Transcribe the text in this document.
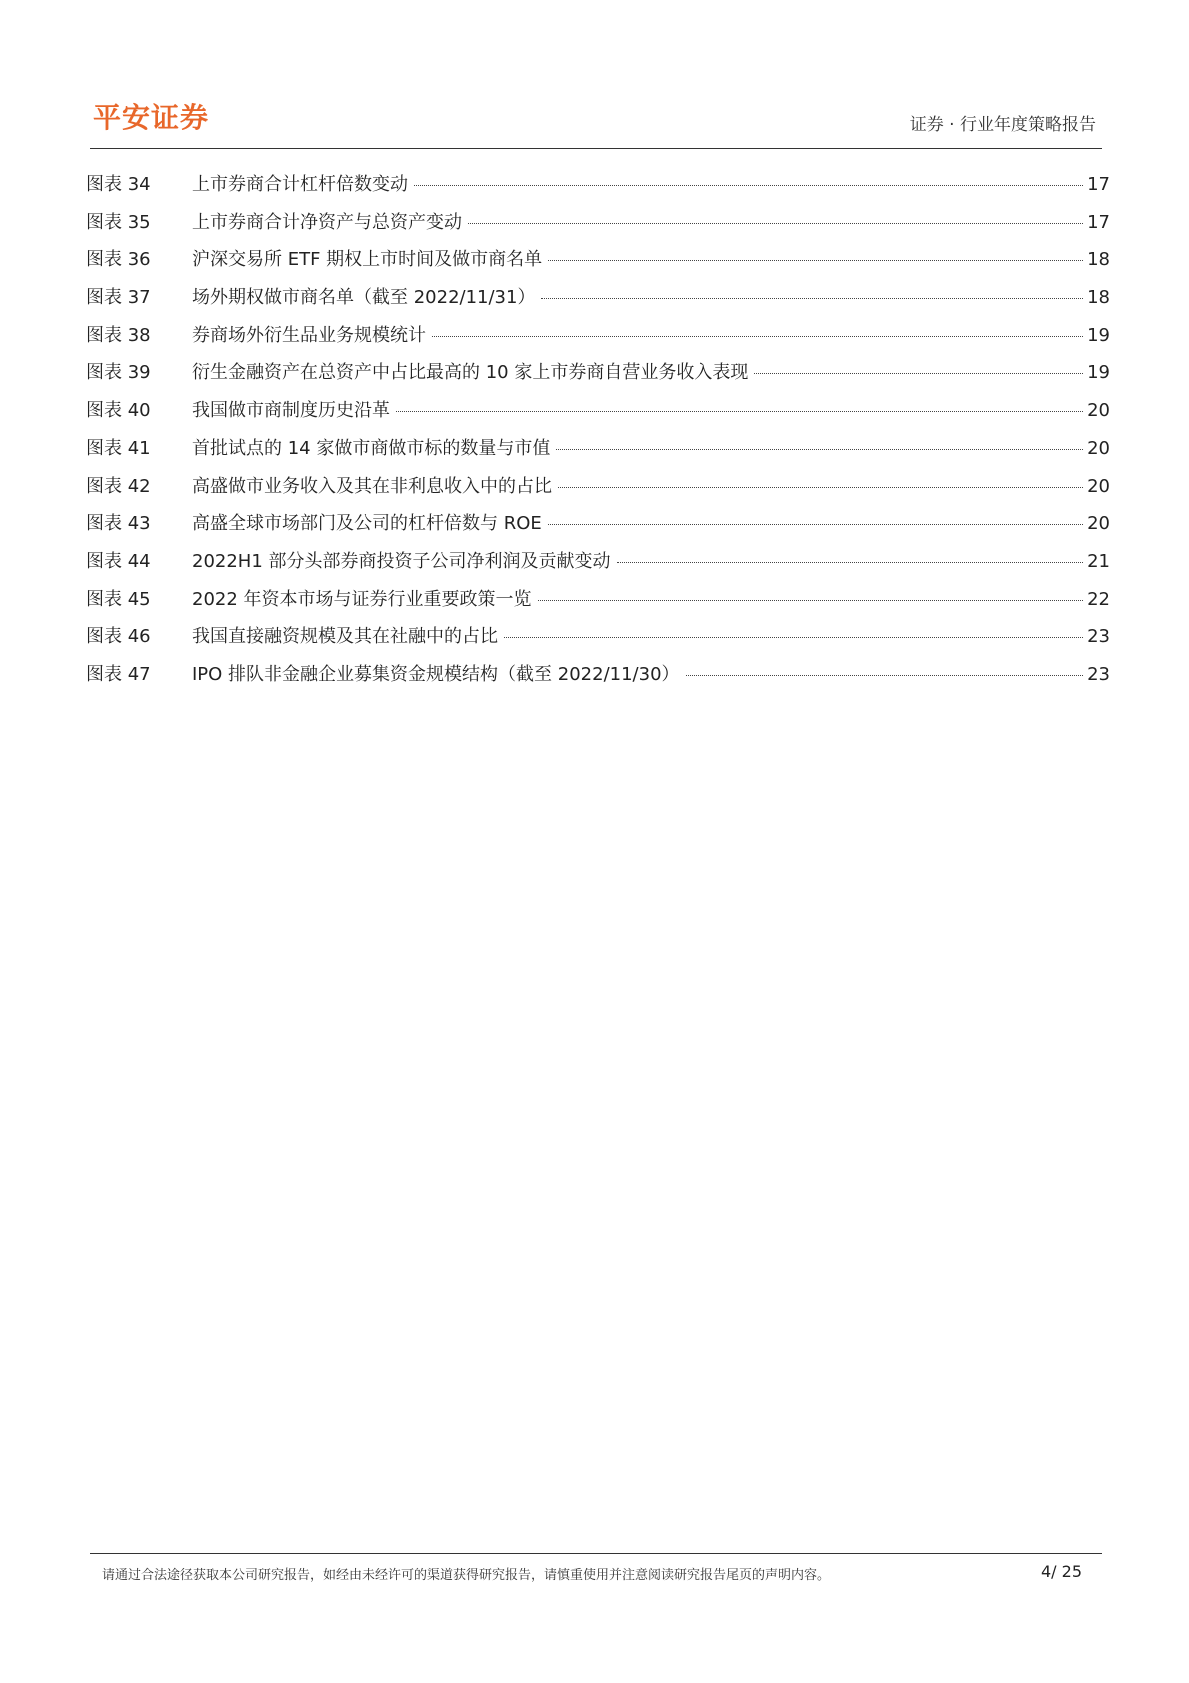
平安证券	证券 · 行业年度策略报告
图表 34	上市券商合计杠杆倍数变动	17
图表 35	上市券商合计净资产与总资产变动	17
图表 36	沪深交易所 ETF 期权上市时间及做市商名单	18
图表 37	场外期权做市商名单（截至 2022/11/31）	18
图表 38	券商场外衍生品业务规模统计	19
图表 39	衍生金融资产在总资产中占比最高的 10 家上市券商自营业务收入表现	19
图表 40	我国做市商制度历史沿革	20
图表 41	首批试点的 14 家做市商做市标的数量与市值	20
图表 42	高盛做市业务收入及其在非利息收入中的占比	20
图表 43	高盛全球市场部门及公司的杠杆倍数与 ROE	20
图表 44	2022H1 部分头部券商投资子公司净利润及贡献变动	21
图表 45	2022 年资本市场与证券行业重要政策一览	22
图表 46	我国直接融资规模及其在社融中的占比	23
图表 47	IPO 排队非金融企业募集资金规模结构（截至 2022/11/30）	23
请通过合法途径获取本公司研究报告，如经由未经许可的渠道获得研究报告，请慎重使用并注意阅读研究报告尾页的声明内容。	4/ 25
